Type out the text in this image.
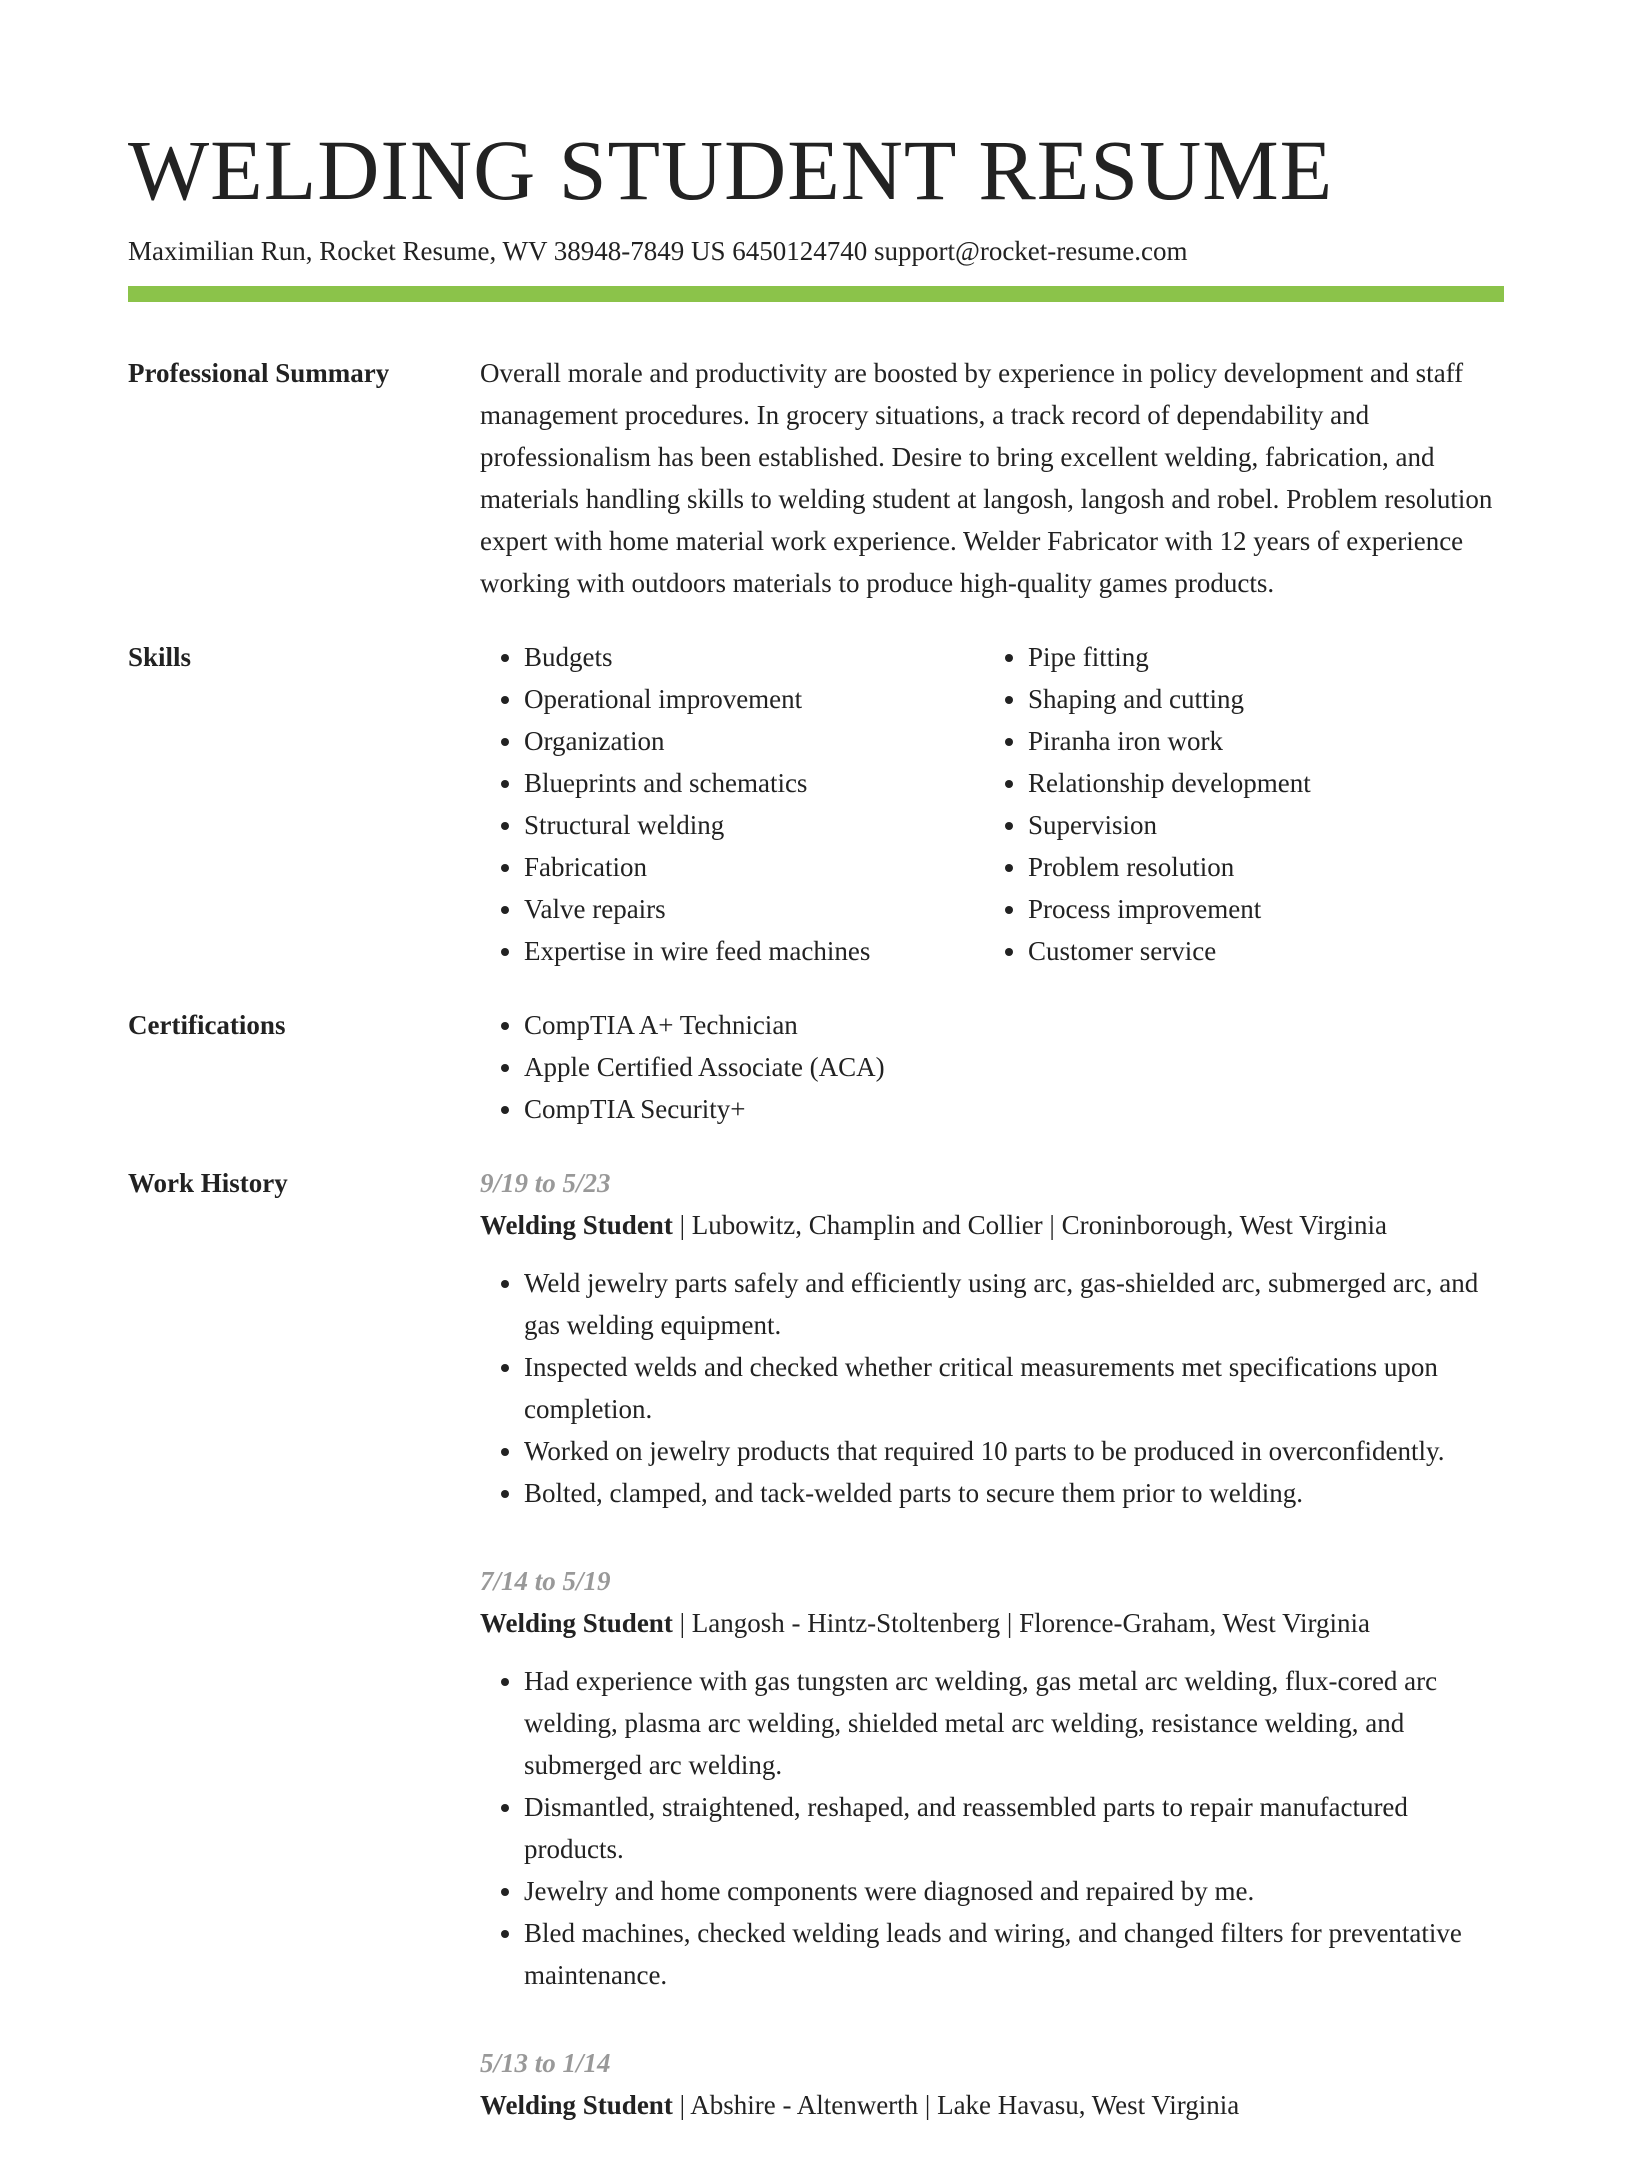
WELDING STUDENT RESUME
Maximilian Run, Rocket Resume, WV 38948-7849 US 6450124740 support@rocket-resume.com
Professional Summary	Overall morale and productivity are boosted by experience in policy development and staff management procedures. In grocery situations, a track record of dependability and professionalism has been established. Desire to bring excellent welding, fabrication, and materials handling skills to welding student at langosh, langosh and robel. Problem resolution expert with home material work experience. Welder Fabricator with 12 years of experience working with outdoors materials to produce high-quality games products.
Skills	• Budgets
• Operational improvement
• Organization
• Blueprints and schematics
• Structural welding
• Fabrication
• Valve repairs
• Expertise in wire feed machines
• Pipe fitting
• Shaping and cutting
• Piranha iron work
• Relationship development
• Supervision
• Problem resolution
• Process improvement
• Customer service
Certifications	• CompTIA A+ Technician
• Apple Certified Associate (ACA)
• CompTIA Security+
Work History	9/19 to 5/23
Welding Student | Lubowitz, Champlin and Collier | Croninborough, West Virginia
• Weld jewelry parts safely and efficiently using arc, gas-shielded arc, submerged arc, and gas welding equipment.
• Inspected welds and checked whether critical measurements met specifications upon completion.
• Worked on jewelry products that required 10 parts to be produced in overconfidently.
• Bolted, clamped, and tack-welded parts to secure them prior to welding.
7/14 to 5/19
Welding Student | Langosh - Hintz-Stoltenberg | Florence-Graham, West Virginia
• Had experience with gas tungsten arc welding, gas metal arc welding, flux-cored arc welding, plasma arc welding, shielded metal arc welding, resistance welding, and submerged arc welding.
• Dismantled, straightened, reshaped, and reassembled parts to repair manufactured products.
• Jewelry and home components were diagnosed and repaired by me.
• Bled machines, checked welding leads and wiring, and changed filters for preventative maintenance.
5/13 to 1/14
Welding Student | Abshire - Altenwerth | Lake Havasu, West Virginia
